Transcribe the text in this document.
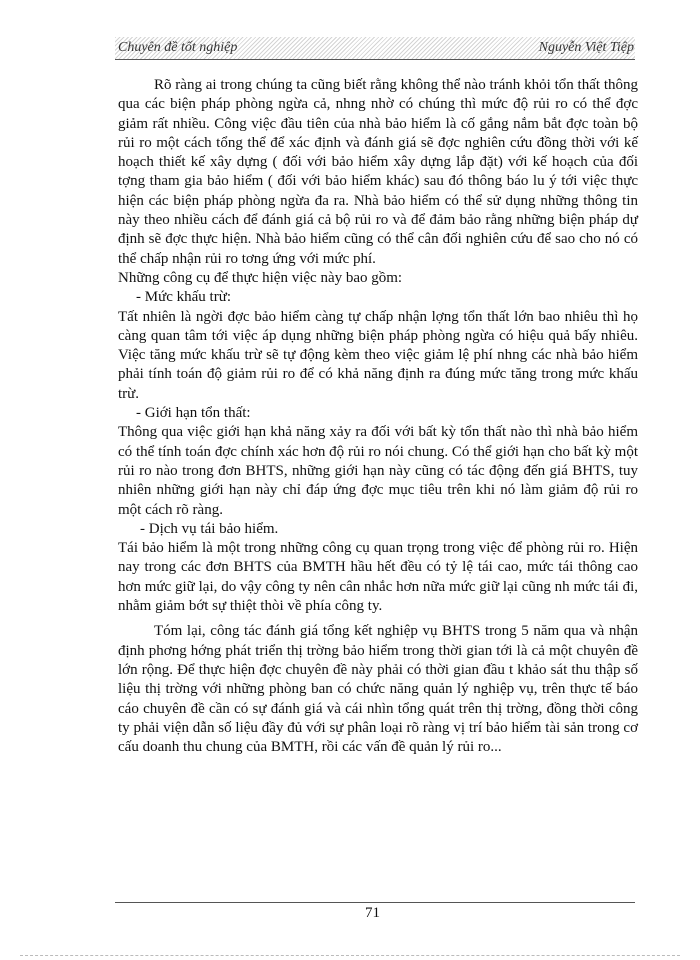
Chuyên đề tốt nghiệp	Nguyễn Việt Tiệp

Rõ ràng ai trong chúng ta cũng biết rằng không thể nào tránh khỏi tổn thất thông qua các biện pháp phòng ngừa cả, nhng nhờ có chúng thì mức độ rủi ro có thể đợc giảm rất nhiều. Công việc đầu tiên của nhà bảo hiểm là cố gắng nắm bắt đợc toàn bộ rủi ro một cách tổng thể để xác định và đánh giá sẽ đợc nghiên cứu đồng thời với kế hoạch thiết kế xây dựng ( đối với bảo hiểm xây dựng lắp đặt) với kế hoạch của đối tợng tham gia bảo hiểm ( đối với bảo hiểm khác) sau đó thông báo lu ý tới việc thực hiện các biện pháp phòng ngừa đa ra. Nhà bảo hiểm có thể sử dụng những thông tin này theo nhiều cách để đánh giá cả bộ rủi ro và để đảm bảo rằng những biện pháp dự định sẽ đợc thực hiện. Nhà bảo hiểm cũng có thể cân đối nghiên cứu để sao cho nó có thể chấp nhận rủi ro tơng ứng với mức phí.

Những công cụ để thực hiện việc này bao gồm:

- Mức khấu trừ:

Tất nhiên là ngời đợc bảo hiểm càng tự chấp nhận lợng tổn thất lớn bao nhiêu thì họ càng quan tâm tới việc áp dụng những biện pháp phòng ngừa có hiệu quả bấy nhiêu. Việc tăng mức khấu trừ sẽ tự động kèm theo việc giảm lệ phí nhng các nhà bảo hiểm phải tính toán độ giảm rủi ro để có khả năng định ra đúng mức tăng trong mức khấu trừ.

- Giới hạn tổn thất:

Thông qua việc giới hạn khả năng xảy ra đối với bất kỳ tổn thất nào thì nhà bảo hiểm có thể tính toán đợc chính xác hơn độ rủi ro nói chung. Có thể giới hạn cho bất kỳ một rủi ro nào trong đơn BHTS, những giới hạn này cũng có tác động đến giá BHTS, tuy nhiên những giới hạn này chỉ đáp ứng đợc mục tiêu trên khi nó làm giảm độ rủi ro một cách rõ ràng.

- Dịch vụ tái bảo hiểm.

Tái bảo hiểm là một trong những công cụ quan trọng trong việc để phòng rủi ro. Hiện nay trong các đơn BHTS của BMTH hầu hết đều có tỷ lệ tái cao, mức tái thông cao hơn mức giữ lại, do vậy công ty nên cân nhắc hơn nữa mức giữ lại cũng nh mức tái đi, nhằm giảm bớt sự thiệt thòi về phía công ty.

Tóm lại, công tác đánh giá tổng kết nghiệp vụ BHTS trong 5 năm qua và nhận định phơng hớng phát triển thị trờng bảo hiểm trong thời gian tới là cả một chuyên đề lớn rộng. Để thực hiện đợc chuyên đề này phải có thời gian đầu t khảo sát thu thập số liệu thị trờng với những phòng ban có chức năng quản lý nghiệp vụ, trên thực tế báo cáo chuyên đề cần có sự đánh giá và cái nhìn tổng quát trên thị trờng, đồng thời công ty phải viện dẫn số liệu đầy đủ với sự phân loại rõ ràng vị trí bảo hiểm tài sản trong cơ cấu doanh thu chung của BMTH, rồi các vấn đề quản lý rủi ro...

71
